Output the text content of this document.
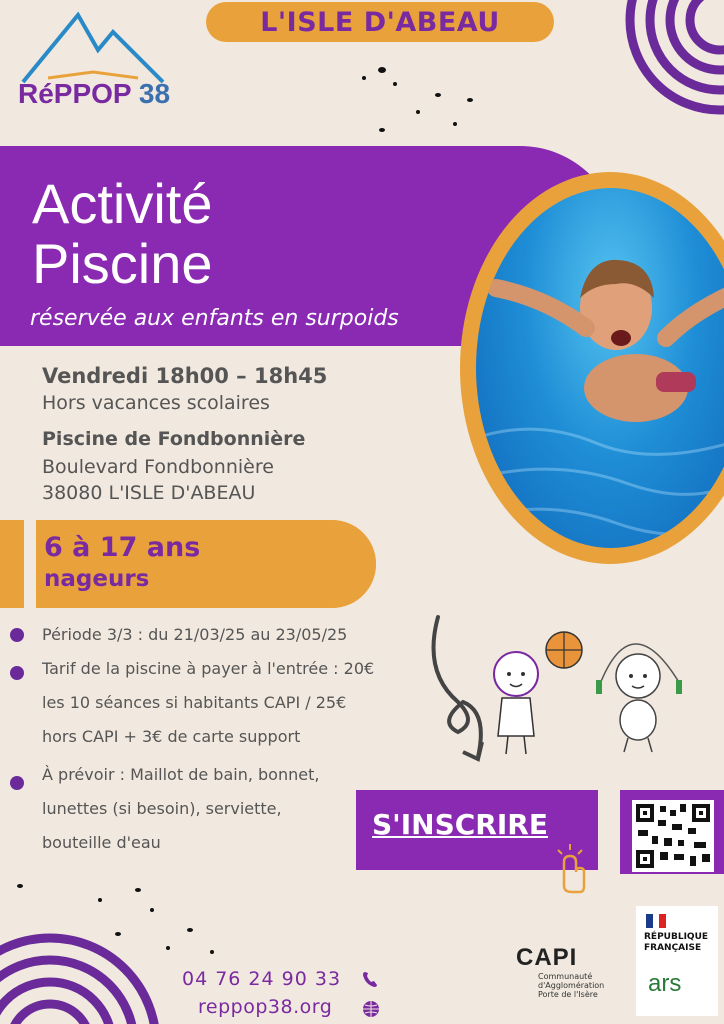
L'ISLE D'ABEAU
RéPPOP 38
Activité
Piscine
réservée aux enfants en surpoids
Vendredi 18h00 – 18h45
Hors vacances scolaires
Piscine de Fondbonnière
Boulevard Fondbonnière
38080 L'ISLE D'ABEAU
6 à 17 ans
nageurs
Période 3/3 : du 21/03/25 au 23/05/25
Tarif de la piscine à payer à l'entrée : 20€
les 10 séances si habitants CAPI / 25€
hors CAPI + 3€ de carte support
À prévoir : Maillot de bain, bonnet,
lunettes (si besoin), serviette,
bouteille d'eau
S'INSCRIRE
04 76 24 90 33
reppop38.org
CAPI
Communauté
d'Agglomération
Porte de l'Isère
RÉPUBLIQUE
FRANÇAISE
ars
